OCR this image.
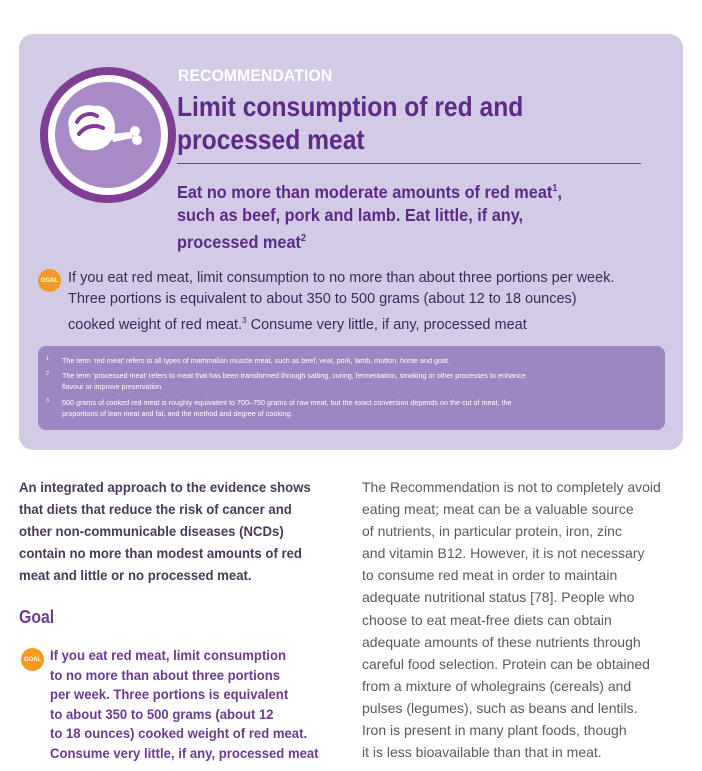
RECOMMENDATION
Limit consumption of red and
processed meat
Eat no more than moderate amounts of red meat$^1$,
such as beef, pork and lamb. Eat little, if any,
processed meat$^2$
GOAL If you eat red meat, limit consumption to no more than about three portions per week.
Three portions is equivalent to about 350 to 500 grams (about 12 to 18 ounces)
cooked weight of red meat.$^3$ Consume very little, if any, processed meat
1	The term ‘red meat’ refers to all types of mammalian muscle meat, such as beef, veal, pork, lamb, mutton, horse and goat.
2	The term ‘processed meat’ refers to meat that has been transformed through salting, curing, fermentation, smoking or other processes to enhance
flavour or improve preservation.
3	500 grams of cooked red meat is roughly equivalent to 700–750 grams of raw meat, but the exact conversion depends on the cut of meat, the
proportions of lean meat and fat, and the method and degree of cooking.
An integrated approach to the evidence shows
that diets that reduce the risk of cancer and
other non-communicable diseases (NCDs)
contain no more than modest amounts of red
meat and little or no processed meat.
Goal
GOAL If you eat red meat, limit consumption
to no more than about three portions
per week. Three portions is equivalent
to about 350 to 500 grams (about 12
to 18 ounces) cooked weight of red meat.
Consume very little, if any, processed meat
The Recommendation is not to completely avoid
eating meat; meat can be a valuable source
of nutrients, in particular protein, iron, zinc
and vitamin B12. However, it is not necessary
to consume red meat in order to maintain
adequate nutritional status [78]. People who
choose to eat meat-free diets can obtain
adequate amounts of these nutrients through
careful food selection. Protein can be obtained
from a mixture of wholegrains (cereals) and
pulses (legumes), such as beans and lentils.
Iron is present in many plant foods, though
it is less bioavailable than that in meat.
